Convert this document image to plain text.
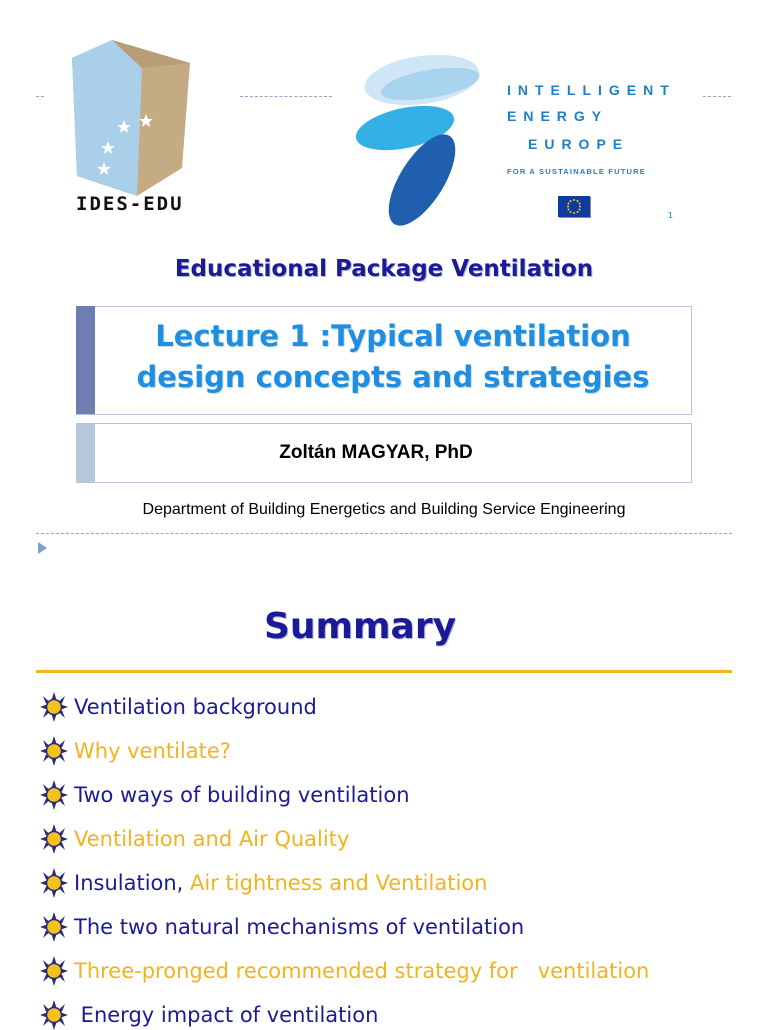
IDES-EDU
INTELLIGENT
ENERGY
EUROPE
FOR A SUSTAINABLE FUTURE
1
Educational Package Ventilation
Lecture 1 :Typical ventilation
design concepts and strategies
Zoltán MAGYAR, PhD
Department of Building Energetics and Building Service Engineering
Summary
Ventilation background
Why ventilate?
Two ways of building ventilation
Ventilation and Air Quality
Insulation, Air tightness and Ventilation
The two natural mechanisms of ventilation
Three-pronged recommended strategy for   ventilation
Energy impact of ventilation
